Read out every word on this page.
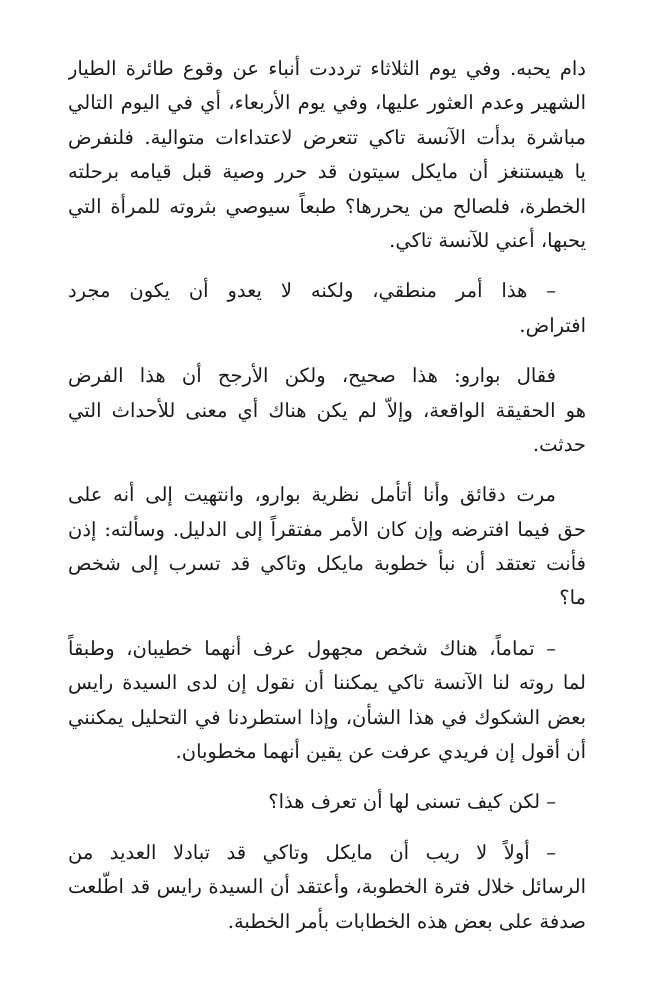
دام يحبه. وفي يوم الثلاثاء ترددت أنباء عن وقوع طائرة الطيار
الشهير وعدم العثور عليها، وفي يوم الأربعاء، أي في اليوم التالي
مباشرة بدأت الآنسة تاكي تتعرض لاعتداءات متوالية. فلنفرض
يا هيستنغز أن مايكل سيتون قد حرر وصية قبل قيامه برحلته
الخطرة، فلصالح من يحررها؟ طبعاً سيوصي بثروته للمرأة التي
يحبها، أعني للآنسة تاكي.
– هذا أمر منطقي، ولكنه لا يعدو أن يكون مجرد
افتراض.
فقال بوارو: هذا صحيح، ولكن الأرجح أن هذا الفرض
هو الحقيقة الواقعة، وإلاّ لم يكن هناك أي معنى للأحداث التي
حدثت.
مرت دقائق وأنا أتأمل نظرية بوارو، وانتهيت إلى أنه على
حق فيما افترضه وإن كان الأمر مفتقراً إلى الدليل. وسألته: إذن
فأنت تعتقد أن نبأ خطوبة مايكل وتاكي قد تسرب إلى شخص
ما؟
– تماماً، هناك شخص مجهول عرف أنهما خطيبان، وطبقاً
لما روته لنا الآنسة تاكي يمكننا أن نقول إن لدى السيدة رايس
بعض الشكوك في هذا الشأن، وإذا استطردنا في التحليل يمكنني
أن أقول إن فريدي عرفت عن يقين أنهما مخطوبان.
– لكن كيف تسنى لها أن تعرف هذا؟
– أولاً لا ريب أن مايكل وتاكي قد تبادلا العديد من
الرسائل خلال فترة الخطوبة، وأعتقد أن السيدة رايس قد اطّلعت
صدفة على بعض هذه الخطابات بأمر الخطبة.
